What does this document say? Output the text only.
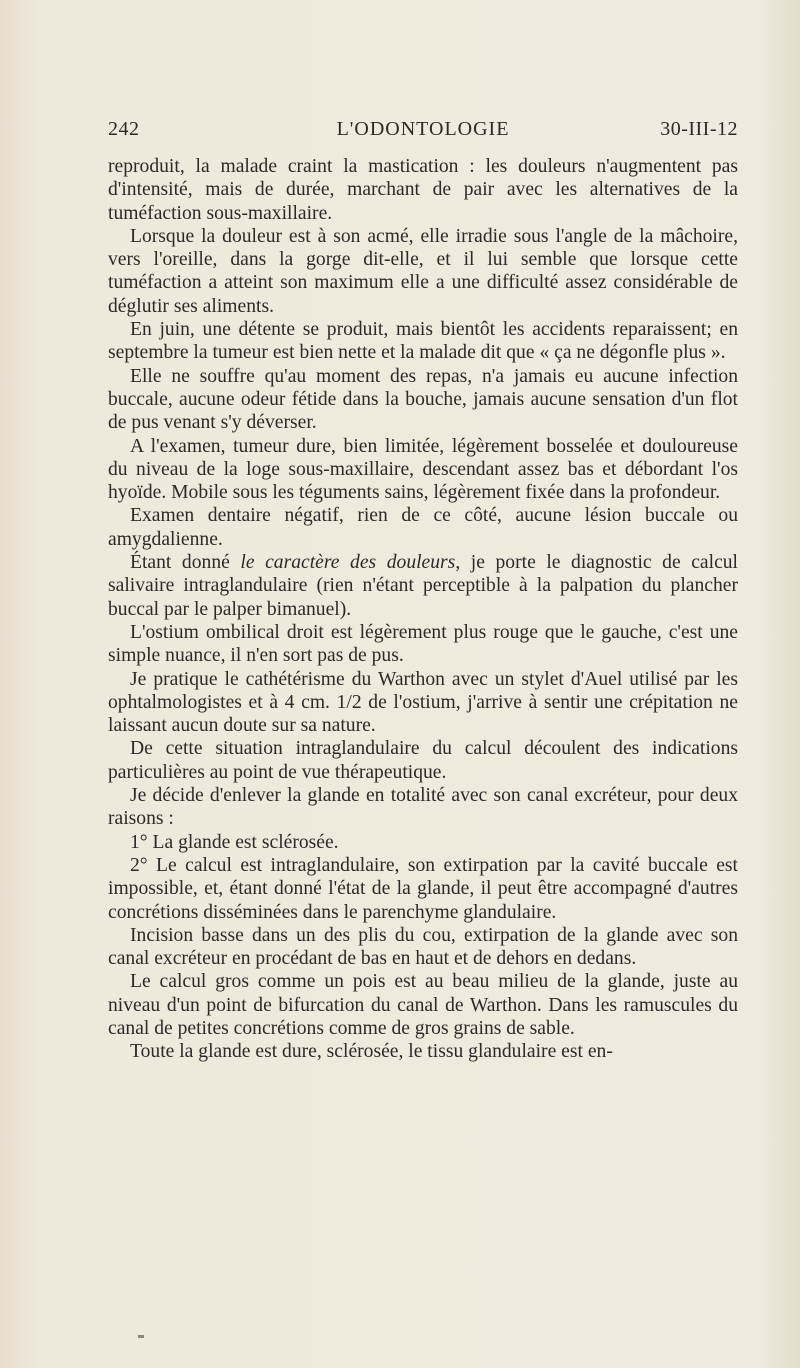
242	L'ODONTOLOGIE	30-III-12

reproduit, la malade craint la mastication : les douleurs n'augmentent pas d'intensité, mais de durée, marchant de pair avec les alternatives de la tuméfaction sous-maxillaire.

Lorsque la douleur est à son acmé, elle irradie sous l'angle de la mâchoire, vers l'oreille, dans la gorge dit-elle, et il lui semble que lorsque cette tuméfaction a atteint son maximum elle a une difficulté assez considérable de déglutir ses aliments.

En juin, une détente se produit, mais bientôt les accidents reparaissent; en septembre la tumeur est bien nette et la malade dit que « ça ne dégonfle plus ».

Elle ne souffre qu'au moment des repas, n'a jamais eu aucune infection buccale, aucune odeur fétide dans la bouche, jamais aucune sensation d'un flot de pus venant s'y déverser.

A l'examen, tumeur dure, bien limitée, légèrement bosselée et douloureuse du niveau de la loge sous-maxillaire, descendant assez bas et débordant l'os hyoïde. Mobile sous les téguments sains, légèrement fixée dans la profondeur.

Examen dentaire négatif, rien de ce côté, aucune lésion buccale ou amygdalienne.

Étant donné le caractère des douleurs, je porte le diagnostic de calcul salivaire intraglandulaire (rien n'étant perceptible à la palpation du plancher buccal par le palper bimanuel).

L'ostium ombilical droit est légèrement plus rouge que le gauche, c'est une simple nuance, il n'en sort pas de pus.

Je pratique le cathétérisme du Warthon avec un stylet d'Auel utilisé par les ophtalmologistes et à 4 cm. 1/2 de l'ostium, j'arrive à sentir une crépitation ne laissant aucun doute sur sa nature.

De cette situation intraglandulaire du calcul découlent des indications particulières au point de vue thérapeutique.

Je décide d'enlever la glande en totalité avec son canal excréteur, pour deux raisons :

1° La glande est sclérosée.

2° Le calcul est intraglandulaire, son extirpation par la cavité buccale est impossible, et, étant donné l'état de la glande, il peut être accompagné d'autres concrétions disséminées dans le parenchyme glandulaire.

Incision basse dans un des plis du cou, extirpation de la glande avec son canal excréteur en procédant de bas en haut et de dehors en dedans.

Le calcul gros comme un pois est au beau milieu de la glande, juste au niveau d'un point de bifurcation du canal de Warthon. Dans les ramuscules du canal de petites concrétions comme de gros grains de sable.

Toute la glande est dure, sclérosée, le tissu glandulaire est en-
